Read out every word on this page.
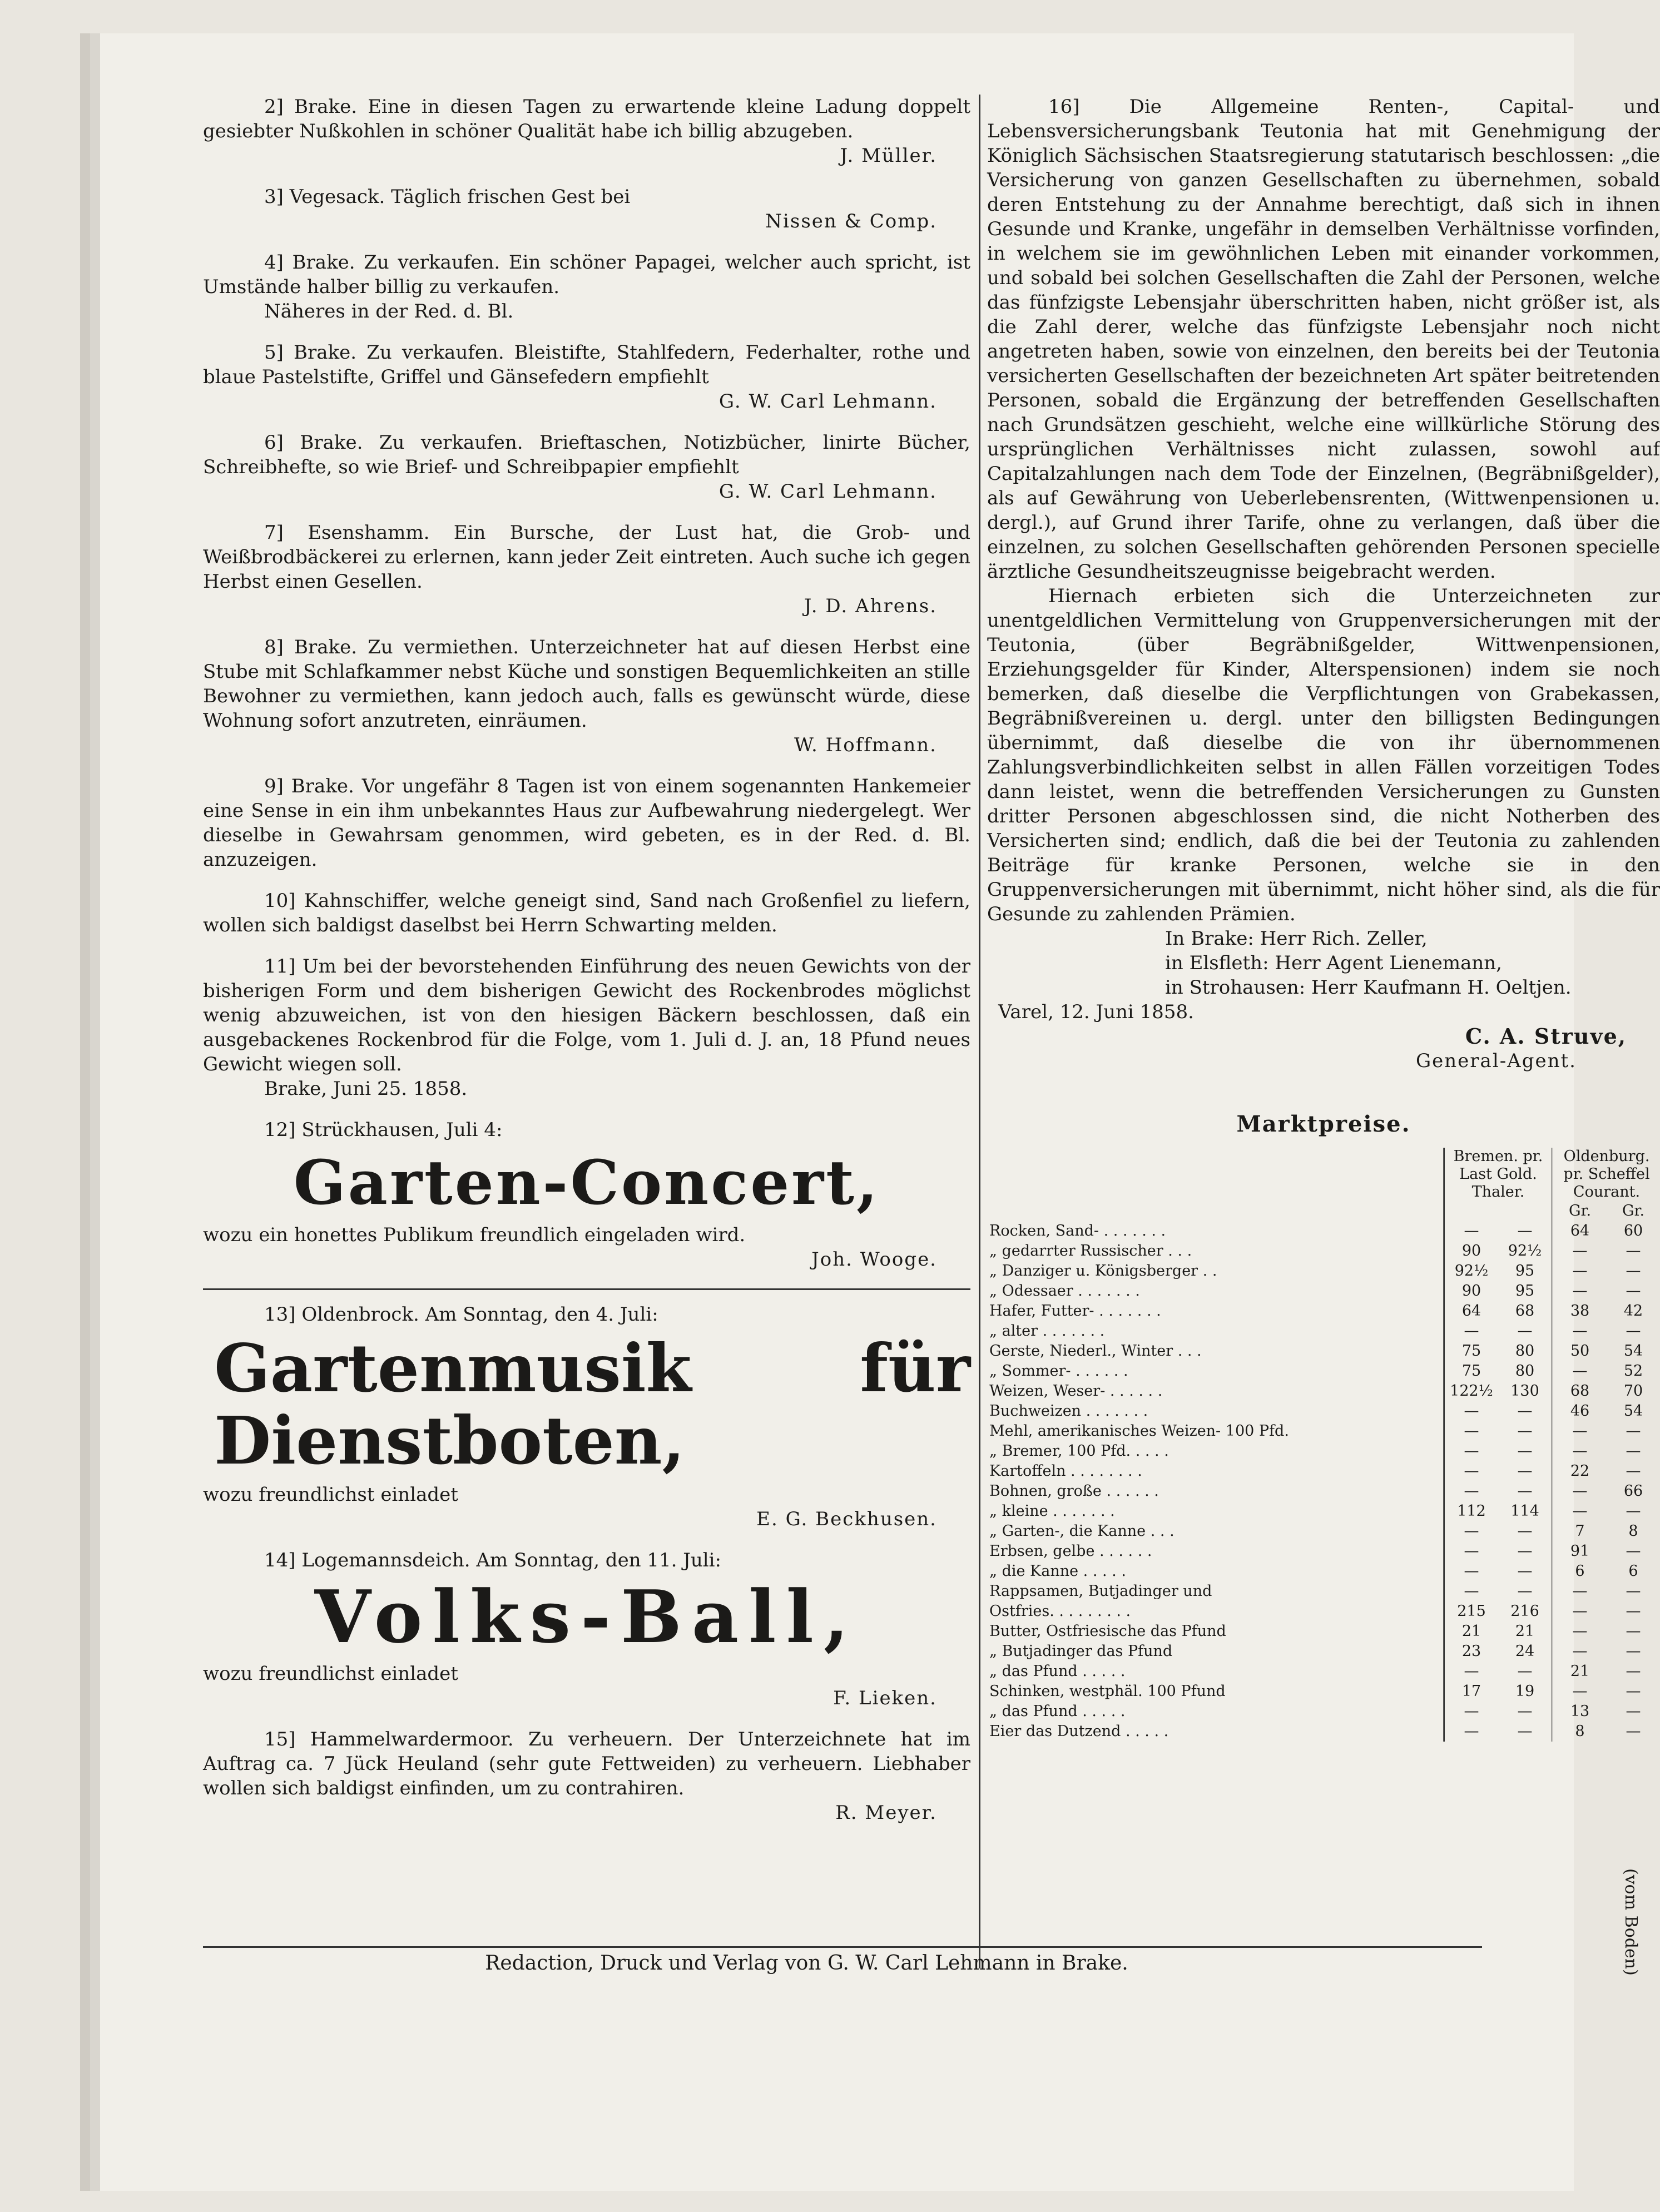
2] Brake. Eine in diesen Tagen zu erwartende kleine Ladung doppelt gesiebter Nußkohlen in schöner Qualität habe ich billig abzugeben.

J. Müller.

3] Vegesack. Täglich frischen Gest bei

Nissen & Comp.

4] Brake. Zu verkaufen. Ein schöner Papagei, welcher auch spricht, ist Umstände halber billig zu verkaufen.

Näheres in der Red. d. Bl.

5] Brake. Zu verkaufen. Bleistifte, Stahlfedern, Federhalter, rothe und blaue Pastelstifte, Griffel und Gänsefedern empfiehlt

G. W. Carl Lehmann.

6] Brake. Zu verkaufen. Brieftaschen, Notizbücher, linirte Bücher, Schreibhefte, so wie Brief- und Schreibpapier empfiehlt

G. W. Carl Lehmann.

7] Esenshamm. Ein Bursche, der Lust hat, die Grob- und Weißbrodbäckerei zu erlernen, kann jeder Zeit eintreten. Auch suche ich gegen Herbst einen Gesellen.

J. D. Ahrens.

8] Brake. Zu vermiethen. Unterzeichneter hat auf diesen Herbst eine Stube mit Schlafkammer nebst Küche und sonstigen Bequemlichkeiten an stille Bewohner zu vermiethen, kann jedoch auch, falls es gewünscht würde, diese Wohnung sofort anzutreten, einräumen.

W. Hoffmann.

9] Brake. Vor ungefähr 8 Tagen ist von einem sogenannten Hankemeier eine Sense in ein ihm unbekanntes Haus zur Aufbewahrung niedergelegt. Wer dieselbe in Gewahrsam genommen, wird gebeten, es in der Red. d. Bl. anzuzeigen.

10] Kahnschiffer, welche geneigt sind, Sand nach Großenfiel zu liefern, wollen sich baldigst daselbst bei Herrn Schwarting melden.

11] Um bei der bevorstehenden Einführung des neuen Gewichts von der bisherigen Form und dem bisherigen Gewicht des Rockenbrodes möglichst wenig abzuweichen, ist von den hiesigen Bäckern beschlossen, daß ein ausgebackenes Rockenbrod für die Folge, vom 1. Juli d. J. an, 18 Pfund neues Gewicht wiegen soll.

Brake, Juni 25. 1858.

12] Strückhausen, Juli 4:

Garten-Concert,

wozu ein honettes Publikum freundlich eingeladen wird.

Joh. Wooge.

13] Oldenbrock. Am Sonntag, den 4. Juli:

Gartenmusik für Dienstboten,

wozu freundlichst einladet

E. G. Beckhusen.

14] Logemannsdeich. Am Sonntag, den 11. Juli:

Volks-Ball,

wozu freundlichst einladet

F. Lieken.

15] Hammelwardermoor. Zu verheuern. Der Unterzeichnete hat im Auftrag ca. 7 Jück Heuland (sehr gute Fettweiden) zu verheuern. Liebhaber wollen sich baldigst einfinden, um zu contrahiren.

R. Meyer.

16] Die Allgemeine Renten-, Capital- und Lebensversicherungsbank Teutonia hat mit Genehmigung der Königlich Sächsischen Staatsregierung statutarisch beschlossen: „die Versicherung von ganzen Gesellschaften zu übernehmen, sobald deren Entstehung zu der Annahme berechtigt, daß sich in ihnen Gesunde und Kranke, ungefähr in demselben Verhältnisse vorfinden, in welchem sie im gewöhnlichen Leben mit einander vorkommen, und sobald bei solchen Gesellschaften die Zahl der Personen, welche das fünfzigste Lebensjahr überschritten haben, nicht größer ist, als die Zahl derer, welche das fünfzigste Lebensjahr noch nicht angetreten haben, sowie von einzelnen, den bereits bei der Teutonia versicherten Gesellschaften der bezeichneten Art später beitretenden Personen, sobald die Ergänzung der betreffenden Gesellschaften nach Grundsätzen geschieht, welche eine willkürliche Störung des ursprünglichen Verhältnisses nicht zulassen, sowohl auf Capitalzahlungen nach dem Tode der Einzelnen, (Begräbnißgelder), als auf Gewährung von Ueberlebensrenten, (Wittwenpensionen u. dergl.), auf Grund ihrer Tarife, ohne zu verlangen, daß über die einzelnen, zu solchen Gesellschaften gehörenden Personen specielle ärztliche Gesundheitszeugnisse beigebracht werden.

Hiernach erbieten sich die Unterzeichneten zur unentgeldlichen Vermittelung von Gruppenversicherungen mit der Teutonia, (über Begräbnißgelder, Wittwenpensionen, Erziehungsgelder für Kinder, Alterspensionen) indem sie noch bemerken, daß dieselbe die Verpflichtungen von Grabekassen, Begräbnißvereinen u. dergl. unter den billigsten Bedingungen übernimmt, daß dieselbe die von ihr übernommenen Zahlungsverbindlichkeiten selbst in allen Fällen vorzeitigen Todes dann leistet, wenn die betreffenden Versicherungen zu Gunsten dritter Personen abgeschlossen sind, die nicht Notherben des Versicherten sind; endlich, daß die bei der Teutonia zu zahlenden Beiträge für kranke Personen, welche sie in den Gruppenversicherungen mit übernimmt, nicht höher sind, als die für Gesunde zu zahlenden Prämien.

In Brake: Herr Rich. Zeller,

in Elsfleth: Herr Agent Lienemann,

in Strohausen: Herr Kaufmann H. Oeltjen.

Varel, 12. Juni 1858.

C. A. Struve,

General-Agent.

Marktpreise.
		Bremen. pr. Last Gold. Thaler.		Oldenburg. pr. Scheffel Courant.	
					Gr.	Gr.
Rocken, Sand- . . . . . . .		—	—		64	60
„ gedarrter Russischer . . .		90	92½		—	—
„ Danziger u. Königsberger . .		92½	95		—	—
„ Odessaer . . . . . . .		90	95		—	—
Hafer, Futter- . . . . . . .		64	68		38	42
„ alter . . . . . . .		—	—		—	—
Gerste, Niederl., Winter . . .		75	80		50	54
„ Sommer- . . . . . .		75	80		—	52
Weizen, Weser- . . . . . .		122½	130		68	70
Buchweizen . . . . . . .		—	—		46	54
Mehl, amerikanisches Weizen- 100 Pfd.		—	—		—	—
„ Bremer, 100 Pfd. . . . .		—	—		—	—
Kartoffeln . . . . . . . .		—	—		22	—
Bohnen, große . . . . . .		—	—		—	66
„ kleine . . . . . . .		112	114		—	—
„ Garten-, die Kanne . . .		—	—		7	8
Erbsen, gelbe . . . . . .		—	—		91	—
„ die Kanne . . . . .		—	—		6	6
Rappsamen, Butjadinger und		—	—		—	—
Ostfries. . . . . . . . .		215	216		—	—
Butter, Ostfriesische das Pfund		21	21		—	—
„ Butjadinger das Pfund		23	24		—	—
„ das Pfund . . . . .		—	—		21	—
Schinken, westphäl. 100 Pfund		17	19		—	—
„ das Pfund . . . . .		—	—		13	—
Eier das Dutzend . . . . .		—	—		8	—
(vom Boden)
Redaction, Druck und Verlag von G. W. Carl Lehmann in Brake.
